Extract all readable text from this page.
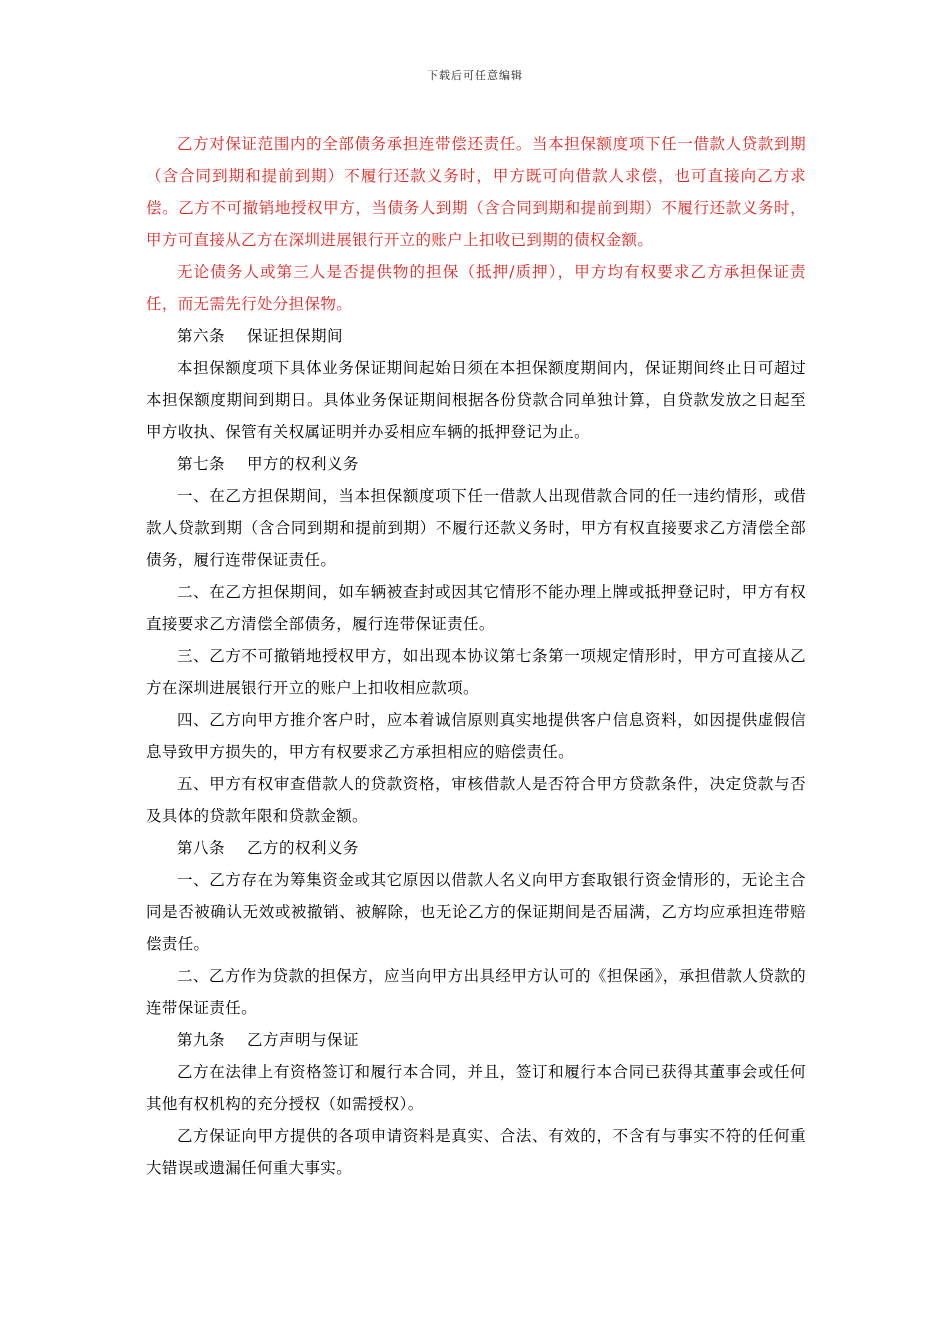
下载后可任意编辑

乙方对保证范围内的全部债务承担连带偿还责任。当本担保额度项下任一借款人贷款到期（含合同到期和提前到期）不履行还款义务时，甲方既可向借款人求偿，也可直接向乙方求偿。乙方不可撤销地授权甲方，当债务人到期（含合同到期和提前到期）不履行还款义务时，甲方可直接从乙方在深圳进展银行开立的账户上扣收已到期的债权金额。

无论债务人或第三人是否提供物的担保（抵押/质押），甲方均有权要求乙方承担保证责任，而无需先行处分担保物。

第六条 保证担保期间

本担保额度项下具体业务保证期间起始日须在本担保额度期间内，保证期间终止日可超过本担保额度期间到期日。具体业务保证期间根据各份贷款合同单独计算，自贷款发放之日起至甲方收执、保管有关权属证明并办妥相应车辆的抵押登记为止。

第七条 甲方的权利义务

一、在乙方担保期间，当本担保额度项下任一借款人出现借款合同的任一违约情形，或借款人贷款到期（含合同到期和提前到期）不履行还款义务时，甲方有权直接要求乙方清偿全部债务，履行连带保证责任。

二、在乙方担保期间，如车辆被查封或因其它情形不能办理上牌或抵押登记时，甲方有权直接要求乙方清偿全部债务，履行连带保证责任。

三、乙方不可撤销地授权甲方，如出现本协议第七条第一项规定情形时，甲方可直接从乙方在深圳进展银行开立的账户上扣收相应款项。

四、乙方向甲方推介客户时，应本着诚信原则真实地提供客户信息资料，如因提供虚假信息导致甲方损失的，甲方有权要求乙方承担相应的赔偿责任。

五、甲方有权审查借款人的贷款资格，审核借款人是否符合甲方贷款条件，决定贷款与否及具体的贷款年限和贷款金额。

第八条 乙方的权利义务

一、乙方存在为筹集资金或其它原因以借款人名义向甲方套取银行资金情形的，无论主合同是否被确认无效或被撤销、被解除，也无论乙方的保证期间是否届满，乙方均应承担连带赔偿责任。

二、乙方作为贷款的担保方，应当向甲方出具经甲方认可的《担保函》，承担借款人贷款的连带保证责任。

第九条 乙方声明与保证

乙方在法律上有资格签订和履行本合同，并且，签订和履行本合同已获得其董事会或任何其他有权机构的充分授权（如需授权）。

乙方保证向甲方提供的各项申请资料是真实、合法、有效的，不含有与事实不符的任何重大错误或遗漏任何重大事实。
